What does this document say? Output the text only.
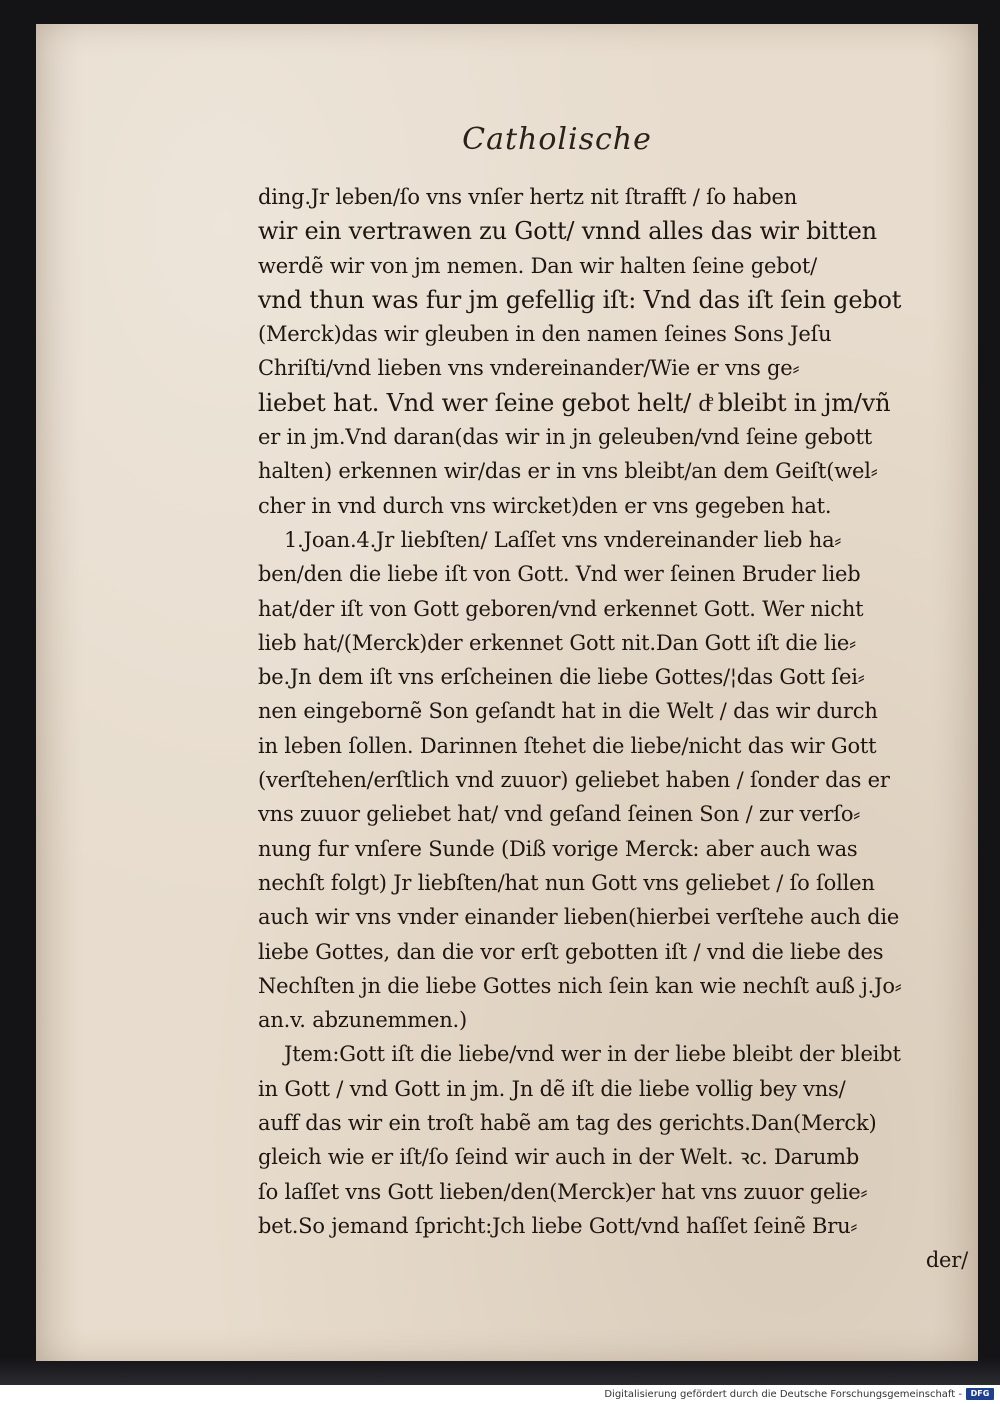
Catholische
ding.Jr leben/ſo vns vnſer hertz nit ſtrafft / ſo haben
wir ein vertrawen zu Gott/ vnnd alles das wir bitten
werdẽ wir von jm nemen. Dan wir halten ſeine gebot/
vnd thun was fur jm gefellig iſt: Vnd das iſt ſein gebot
(Merck)das wir gleuben in den namen ſeines Sons Jeſu
Chriſti/vnd lieben vns vndereinander/Wie er vns ge⸗
liebet hat. Vnd wer ſeine gebot helt/ dͤ bleibt in jm/vñ
er in jm.Vnd daran(das wir in jn geleuben/vnd ſeine gebott
halten) erkennen wir/das er in vns bleibt/an dem Geiſt(wel⸗
cher in vnd durch vns wircket)den er vns gegeben hat.
1.Joan.4.Jr liebſten/ Laſſet vns vndereinander lieb ha⸗
ben/den die liebe iſt von Gott. Vnd wer ſeinen Bruder lieb
hat/der iſt von Gott geboren/vnd erkennet Gott. Wer nicht
lieb hat/(Merck)der erkennet Gott nit.Dan Gott iſt die lie⸗
be.Jn dem iſt vns erſcheinen die liebe Gottes/¦das Gott ſei⸗
nen eingebornẽ Son geſandt hat in die Welt / das wir durch
in leben ſollen. Darinnen ſtehet die liebe/nicht das wir Gott
(verſtehen/erſtlich vnd zuuor) geliebet haben / ſonder das er
vns zuuor geliebet hat/ vnd geſand ſeinen Son / zur verſo⸗
nung fur vnſere Sunde (Diß vorige Merck: aber auch was
nechſt folgt) Jr liebſten/hat nun Gott vns geliebet / ſo ſollen
auch wir vns vnder einander lieben(hierbei verſtehe auch die
liebe Gottes, dan die vor erſt gebotten iſt / vnd die liebe des
Nechſten jn die liebe Gottes nich ſein kan wie nechſt auß j.Jo⸗
an.v. abzunemmen.)
Jtem:Gott iſt die liebe/vnd wer in der liebe bleibt der bleibt
in Gott / vnd Gott in jm. Jn dẽ iſt die liebe vollig bey vns/
auff das wir ein troſt habẽ am tag des gerichts.Dan(Merck)
gleich wie er iſt/ſo ſeind wir auch in der Welt. ꝛc. Darumb
ſo laſſet vns Gott lieben/den(Merck)er hat vns zuuor gelie⸗
bet.So jemand ſpricht:Jch liebe Gott/vnd haſſet ſeinẽ Bru⸗
der/
Digitalisierung gefördert durch die Deutsche Forschungsgemeinschaft -	DFG
